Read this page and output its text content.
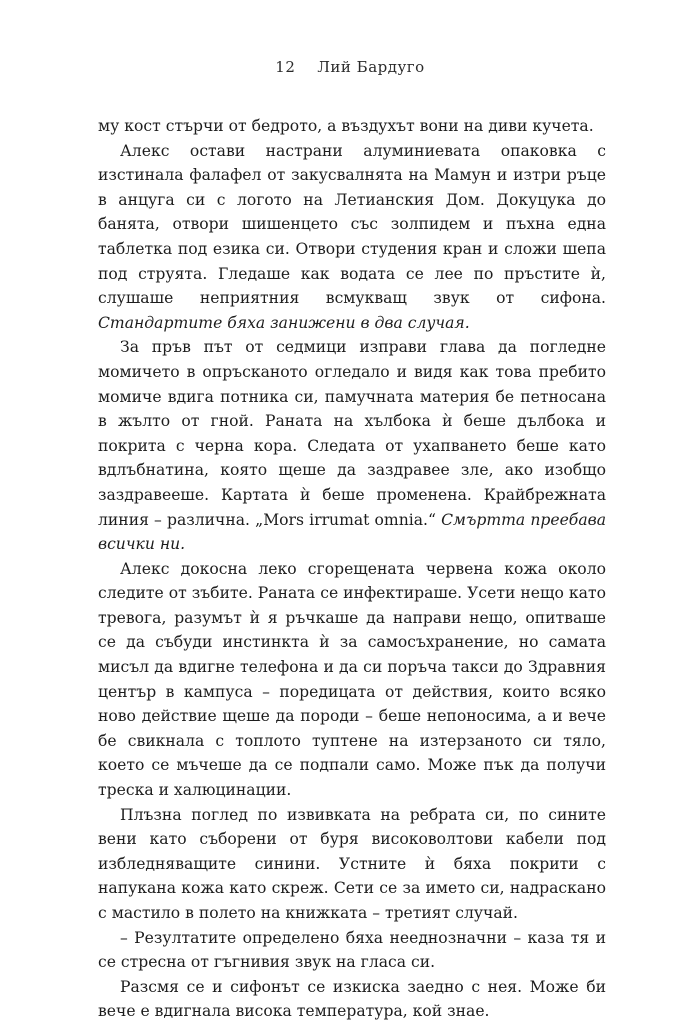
12 Лий Бардуго

му кост стърчи от бедрото, а въздухът вони на диви кучета.

Алекс остави настрани алуминиевата опаковка с изстинала фалафел от закусвалнята на Мамун и изтри ръце в анцуга си с логото на Летианския Дом. Докуцука до банята, отвори шишенцето със золпидем и пъхна една таблетка под езика си. Отвори студения кран и сложи шепа под струята. Гледаше как водата се лее по пръстите ѝ, слушаше неприятния всмукващ звук от сифона. Стандартите бяха занижени в два случая.

За пръв път от седмици изправи глава да погледне момичето в опръсканото огледало и видя как това пребито момиче вдига потника си, памучната материя бе петносана в жълто от гной. Раната на хълбока ѝ беше дълбока и покрита с черна кора. Следата от ухапването беше като вдлъбнатина, която щеше да заздравее зле, ако изобщо заздравееше. Картата ѝ беше променена. Крайбрежната линия – различна. „Mors irrumat omnia.“ Смъртта преебава всички ни.

Алекс докосна леко сгорещената червена кожа около следите от зъбите. Раната се инфектираше. Усети нещо като тревога, разумът ѝ я ръчкаше да направи нещо, опитваше се да събуди инстинкта ѝ за самосъхранение, но самата мисъл да вдигне телефона и да си поръча такси до Здравния център в кампуса – поредицата от действия, които всяко ново действие щеше да породи – беше непоносима, а и вече бе свикнала с топлото туптене на изтерзаното си тяло, което се мъчеше да се подпали само. Може пък да получи треска и халюцинации.

Плъзна поглед по извивката на ребрата си, по сините вени като съборени от буря високоволтови кабели под избледняващите синини. Устните ѝ бяха покрити с напукана кожа като скреж. Сети се за името си, надраскано с мастило в полето на книжката – третият случай.

– Резултатите определено бяха нееднозначни – каза тя и се стресна от гъгнивия звук на гласа си.

Разсмя се и сифонът се изкиска заедно с нея. Може би вече е вдигнала висока температура, кой знае.
